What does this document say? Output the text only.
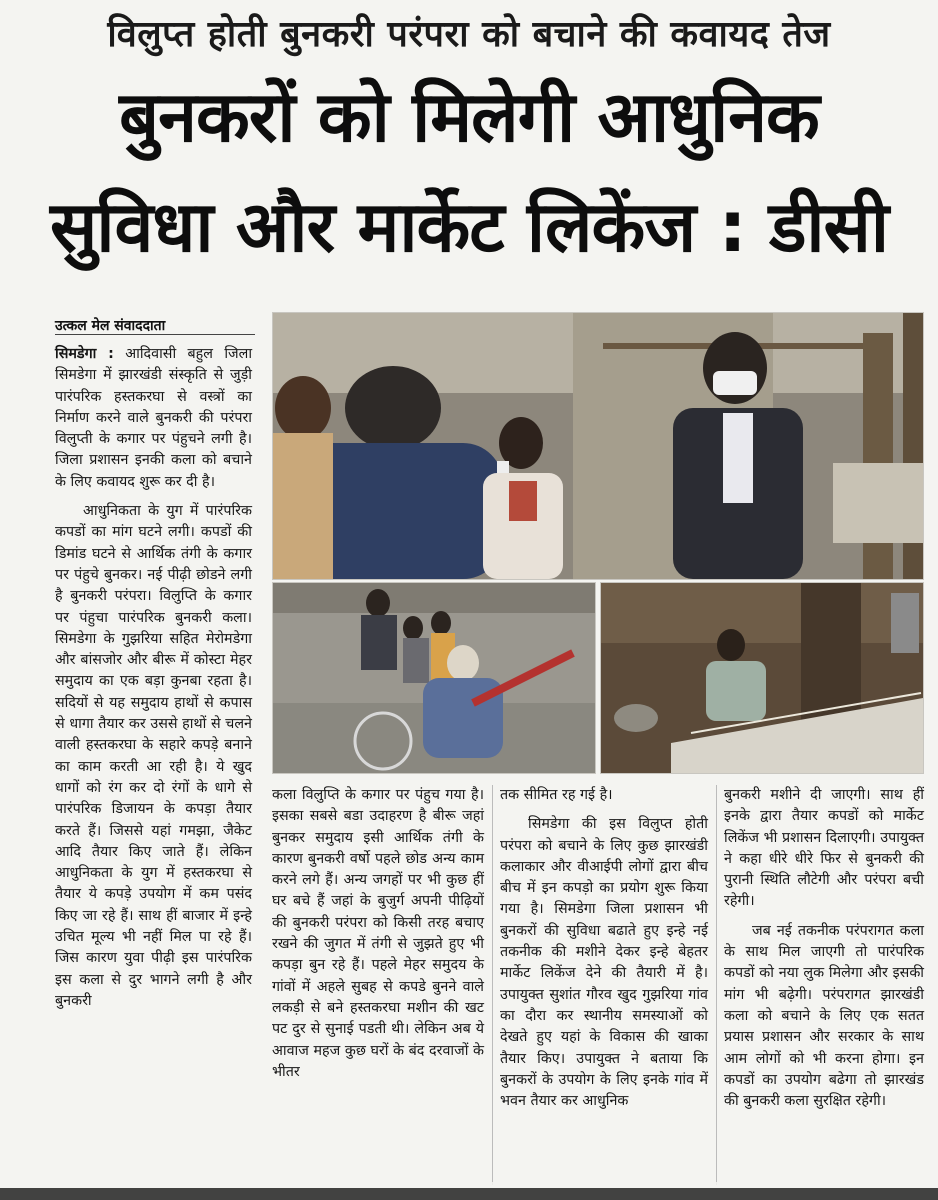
विलुप्त होती बुनकरी परंपरा को बचाने की कवायद तेज
बुनकरों को मिलेगी आधुनिक
सुविधा और मार्केट लिकेंज : डीसी
उत्कल मेल संवाददाता

सिमडेगा : आदिवासी बहुल जिला सिमडेगा में झारखंडी संस्कृति से जुड़ी पारंपरिक हस्तकरघा से वस्त्रों का निर्माण करने वाले बुनकरी की परंपरा विलुप्ती के कगार पर पंहुचने लगी है। जिला प्रशासन इनकी कला को बचाने के लिए कवायद शुरू कर दी है।

आधुनिकता के युग में पारंपरिक कपडों का मांग घटने लगी। कपडों की डिमांड घटने से आर्थिक तंगी के कगार पर पंहुचे बुनकर। नई पीढ़ी छोडने लगी है बुनकरी परंपरा। विलुप्ति के कगार पर पंहुचा पारंपरिक बुनकरी कला। सिमडेगा के गुझरिया सहित मेरोमडेगा और बांसजोर और बीरू में कोस्टा मेहर समुदाय का एक बड़ा कुनबा रहता है। सदियों से यह समुदाय हाथों से कपास से धागा तैयार कर उससे हाथों से चलने वाली हस्तकरघा के सहारे कपड़े बनाने का काम करती आ रही है। ये खुद धागों को रंग कर दो रंगों के धागे से पारंपरिक डिजायन के कपड़ा तैयार करते हैं। जिससे यहां गमझा, जैकेट आदि तैयार किए जाते हैं। लेकिन आधुनिकता के युग में हस्तकरघा से तैयार ये कपड़े उपयोग में कम पसंद किए जा रहे हैं। साथ हीं बाजार में इन्हे उचित मूल्य भी नहीं मिल पा रहे हैं। जिस कारण युवा पीढ़ी इस पारंपरिक इस कला से दुर भागने लगी है और बुनकरी

कला विलुप्ति के कगार पर पंहुच गया है। इसका सबसे बडा उदाहरण है बीरू जहां बुनकर समुदाय इसी आर्थिक तंगी के कारण बुनकरी वर्षो पहले छोड अन्य काम करने लगे हैं। अन्य जगहों पर भी कुछ हीं घर बचे हैं जहां के बुजुर्ग अपनी पीढ़ियों की बुनकरी परंपरा को किसी तरह बचाए रखने की जुगत में तंगी से जुझते हुए भी कपड़ा बुन रहे हैं। पहले मेहर समुदय के गांवों में अहले सुबह से कपडे बुनने वाले लकड़ी से बने हस्तकरघा मशीन की खट पट दुर से सुनाई पडती थी। लेकिन अब ये आवाज महज कुछ घरों के बंद दरवाजों के भीतर

तक सीमित रह गई है।

सिमडेगा की इस विलुप्त होती परंपरा को बचाने के लिए कुछ झारखंडी कलाकार और वीआईपी लोगों द्वारा बीच बीच में इन कपड़ो का प्रयोग शुरू किया गया है। सिमडेगा जिला प्रशासन भी बुनकरों की सुविधा बढाते हुए इन्हे नई तकनीक की मशीने देकर इन्हे बेहतर मार्केट लिकेंज देने की तैयारी में है। उपायुक्त सुशांत गौरव खुद गुझरिया गांव का दौरा कर स्थानीय समस्याओं को देखते हुए यहां के विकास की खाका तैयार किए। उपायुक्त ने बताया कि बुनकरों के उपयोग के लिए इनके गांव में भवन तैयार कर आधुनिक

बुनकरी मशीने दी जाएगी। साथ हीं इनके द्वारा तैयार कपडों को मार्केट लिकेंज भी प्रशासन दिलाएगी। उपायुक्त ने कहा धीरे धीरे फिर से बुनकरी की पुरानी स्थिति लौटेगी और परंपरा बची रहेगी।

जब नई तकनीक परंपरागत कला के साथ मिल जाएगी तो पारंपरिक कपडों को नया लुक मिलेगा और इसकी मांग भी बढ़ेगी। परंपरागत झारखंडी कला को बचाने के लिए एक सतत प्रयास प्रशासन और सरकार के साथ आम लोगों को भी करना होगा। इन कपडों का उपयोग बढेगा तो झारखंड की बुनकरी कला सुरक्षित रहेगी।
